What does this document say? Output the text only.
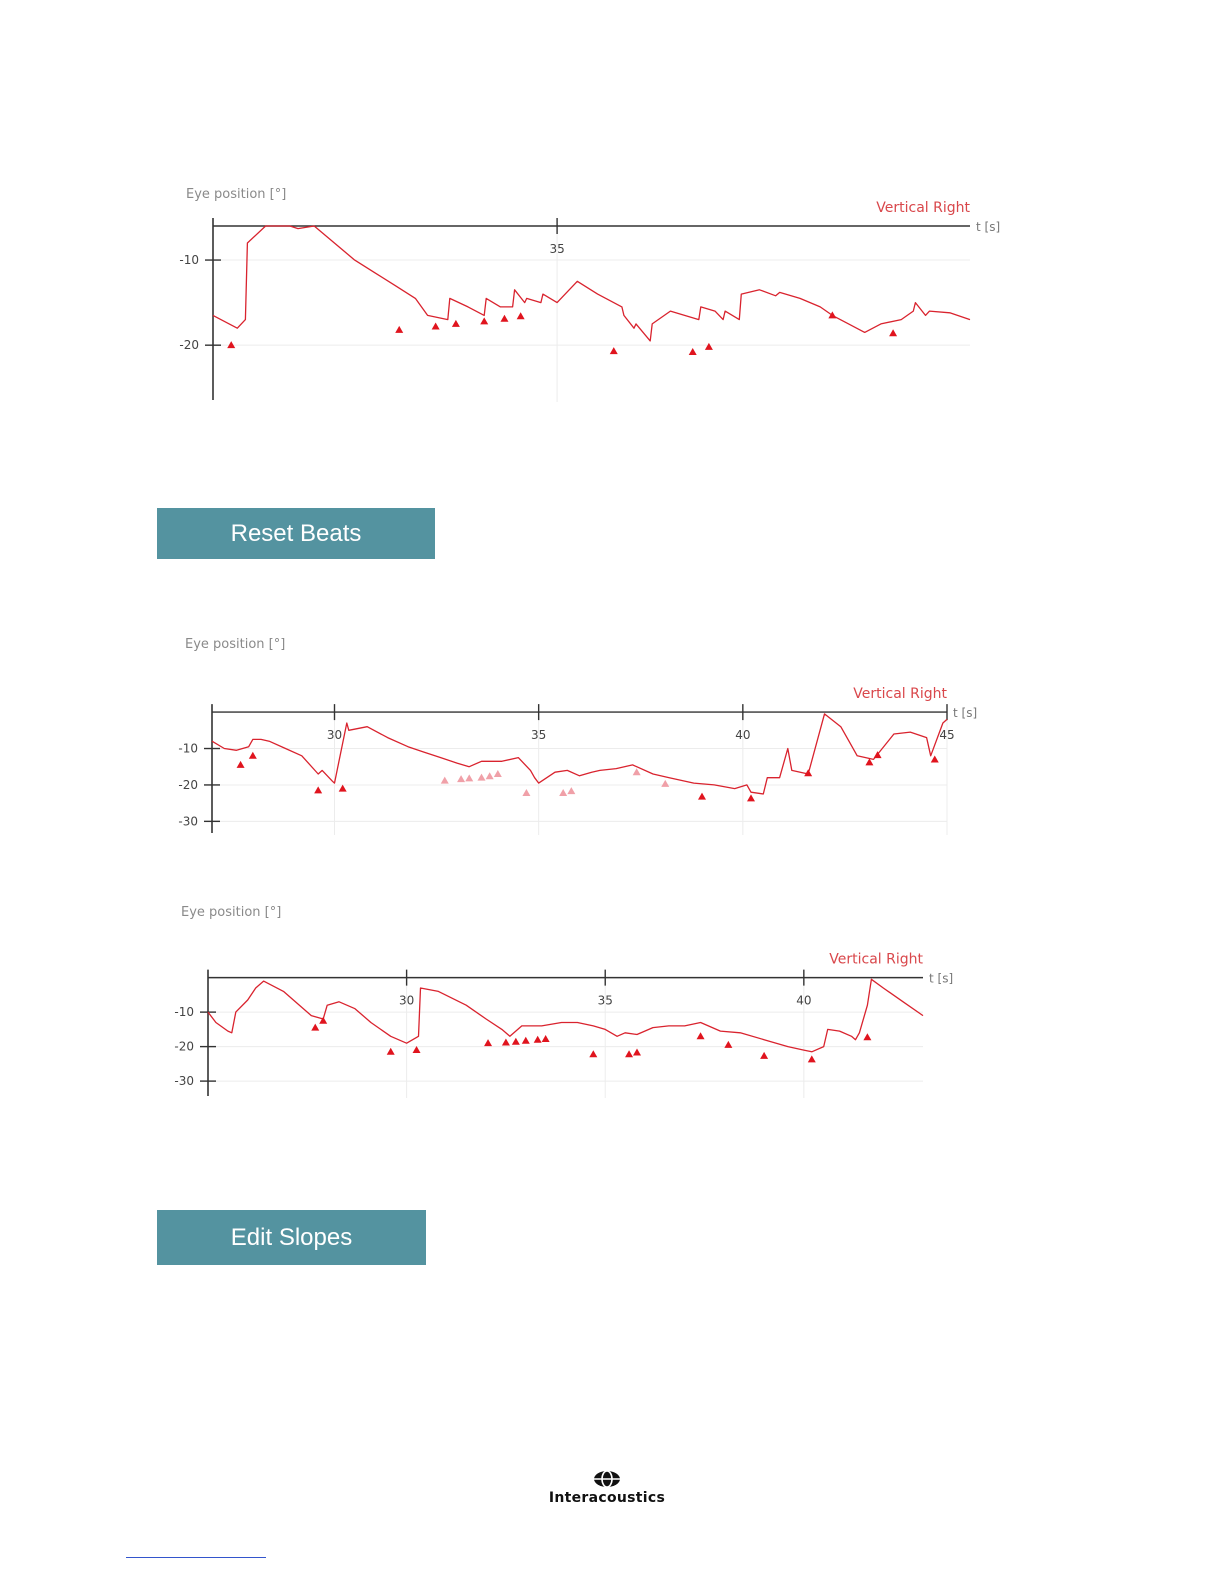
-10
-20
35
Eye position [°]
t [s]
Vertical Right
Reset Beats
-10
-20
-30
30	35	40	45
Eye position [°]
t [s]
Vertical Right
-10
-20
-30
30	35	40
Eye position [°]
t [s]
Vertical Right
Edit Slopes
Interacoustics
